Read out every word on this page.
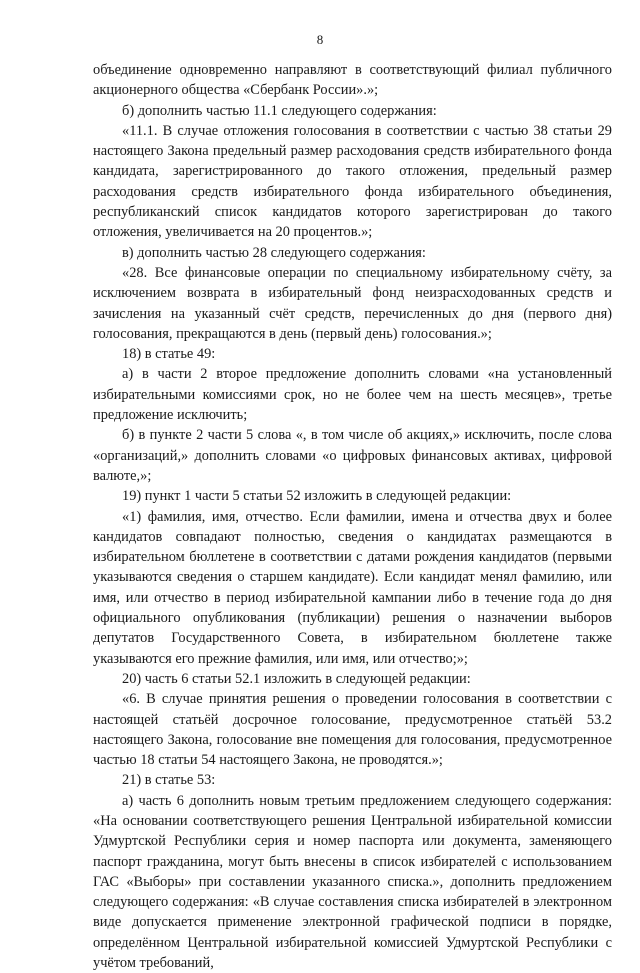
8

объединение одновременно направляют в соответствующий филиал публичного акционерного общества «Сбербанк России».»;

б) дополнить частью 11.1 следующего содержания:

«11.1. В случае отложения голосования в соответствии с частью 38 статьи 29 настоящего Закона предельный размер расходования средств избирательного фонда кандидата, зарегистрированного до такого отложения, предельный размер расходования средств избирательного фонда избирательного объединения, республиканский список кандидатов которого зарегистрирован до такого отложения, увеличивается на 20 процентов.»;

в) дополнить частью 28 следующего содержания:

«28. Все финансовые операции по специальному избирательному счёту, за исключением возврата в избирательный фонд неизрасходованных средств и зачисления на указанный счёт средств, перечисленных до дня (первого дня) голосования, прекращаются в день (первый день) голосования.»;

18) в статье 49:

а) в части 2 второе предложение дополнить словами «на установленный избирательными комиссиями срок, но не более чем на шесть месяцев», третье предложение исключить;

б) в пункте 2 части 5 слова «, в том числе об акциях,» исключить, после слова «организаций,» дополнить словами «о цифровых финансовых активах, цифровой валюте,»;

19) пункт 1 части 5 статьи 52 изложить в следующей редакции:

«1) фамилия, имя, отчество. Если фамилии, имена и отчества двух и более кандидатов совпадают полностью, сведения о кандидатах размещаются в избирательном бюллетене в соответствии с датами рождения кандидатов (первыми указываются сведения о старшем кандидате). Если кандидат менял фамилию, или имя, или отчество в период избирательной кампании либо в течение года до дня официального опубликования (публикации) решения о назначении выборов депутатов Государственного Совета, в избирательном бюллетене также указываются его прежние фамилия, или имя, или отчество;»;

20) часть 6 статьи 52.1 изложить в следующей редакции:

«6. В случае принятия решения о проведении голосования в соответствии с настоящей статьёй досрочное голосование, предусмотренное статьёй 53.2 настоящего Закона, голосование вне помещения для голосования, предусмотренное частью 18 статьи 54 настоящего Закона, не проводятся.»;

21) в статье 53:

а) часть 6 дополнить новым третьим предложением следующего содержания: «На основании соответствующего решения Центральной избирательной комиссии Удмуртской Республики серия и номер паспорта или документа, заменяющего паспорт гражданина, могут быть внесены в список избирателей с использованием ГАС «Выборы» при составлении указанного списка.», дополнить предложением следующего содержания: «В случае составления списка избирателей в электронном виде допускается применение электронной графической подписи в порядке, определённом Центральной избирательной комиссией Удмуртской Республики с учётом требований,
